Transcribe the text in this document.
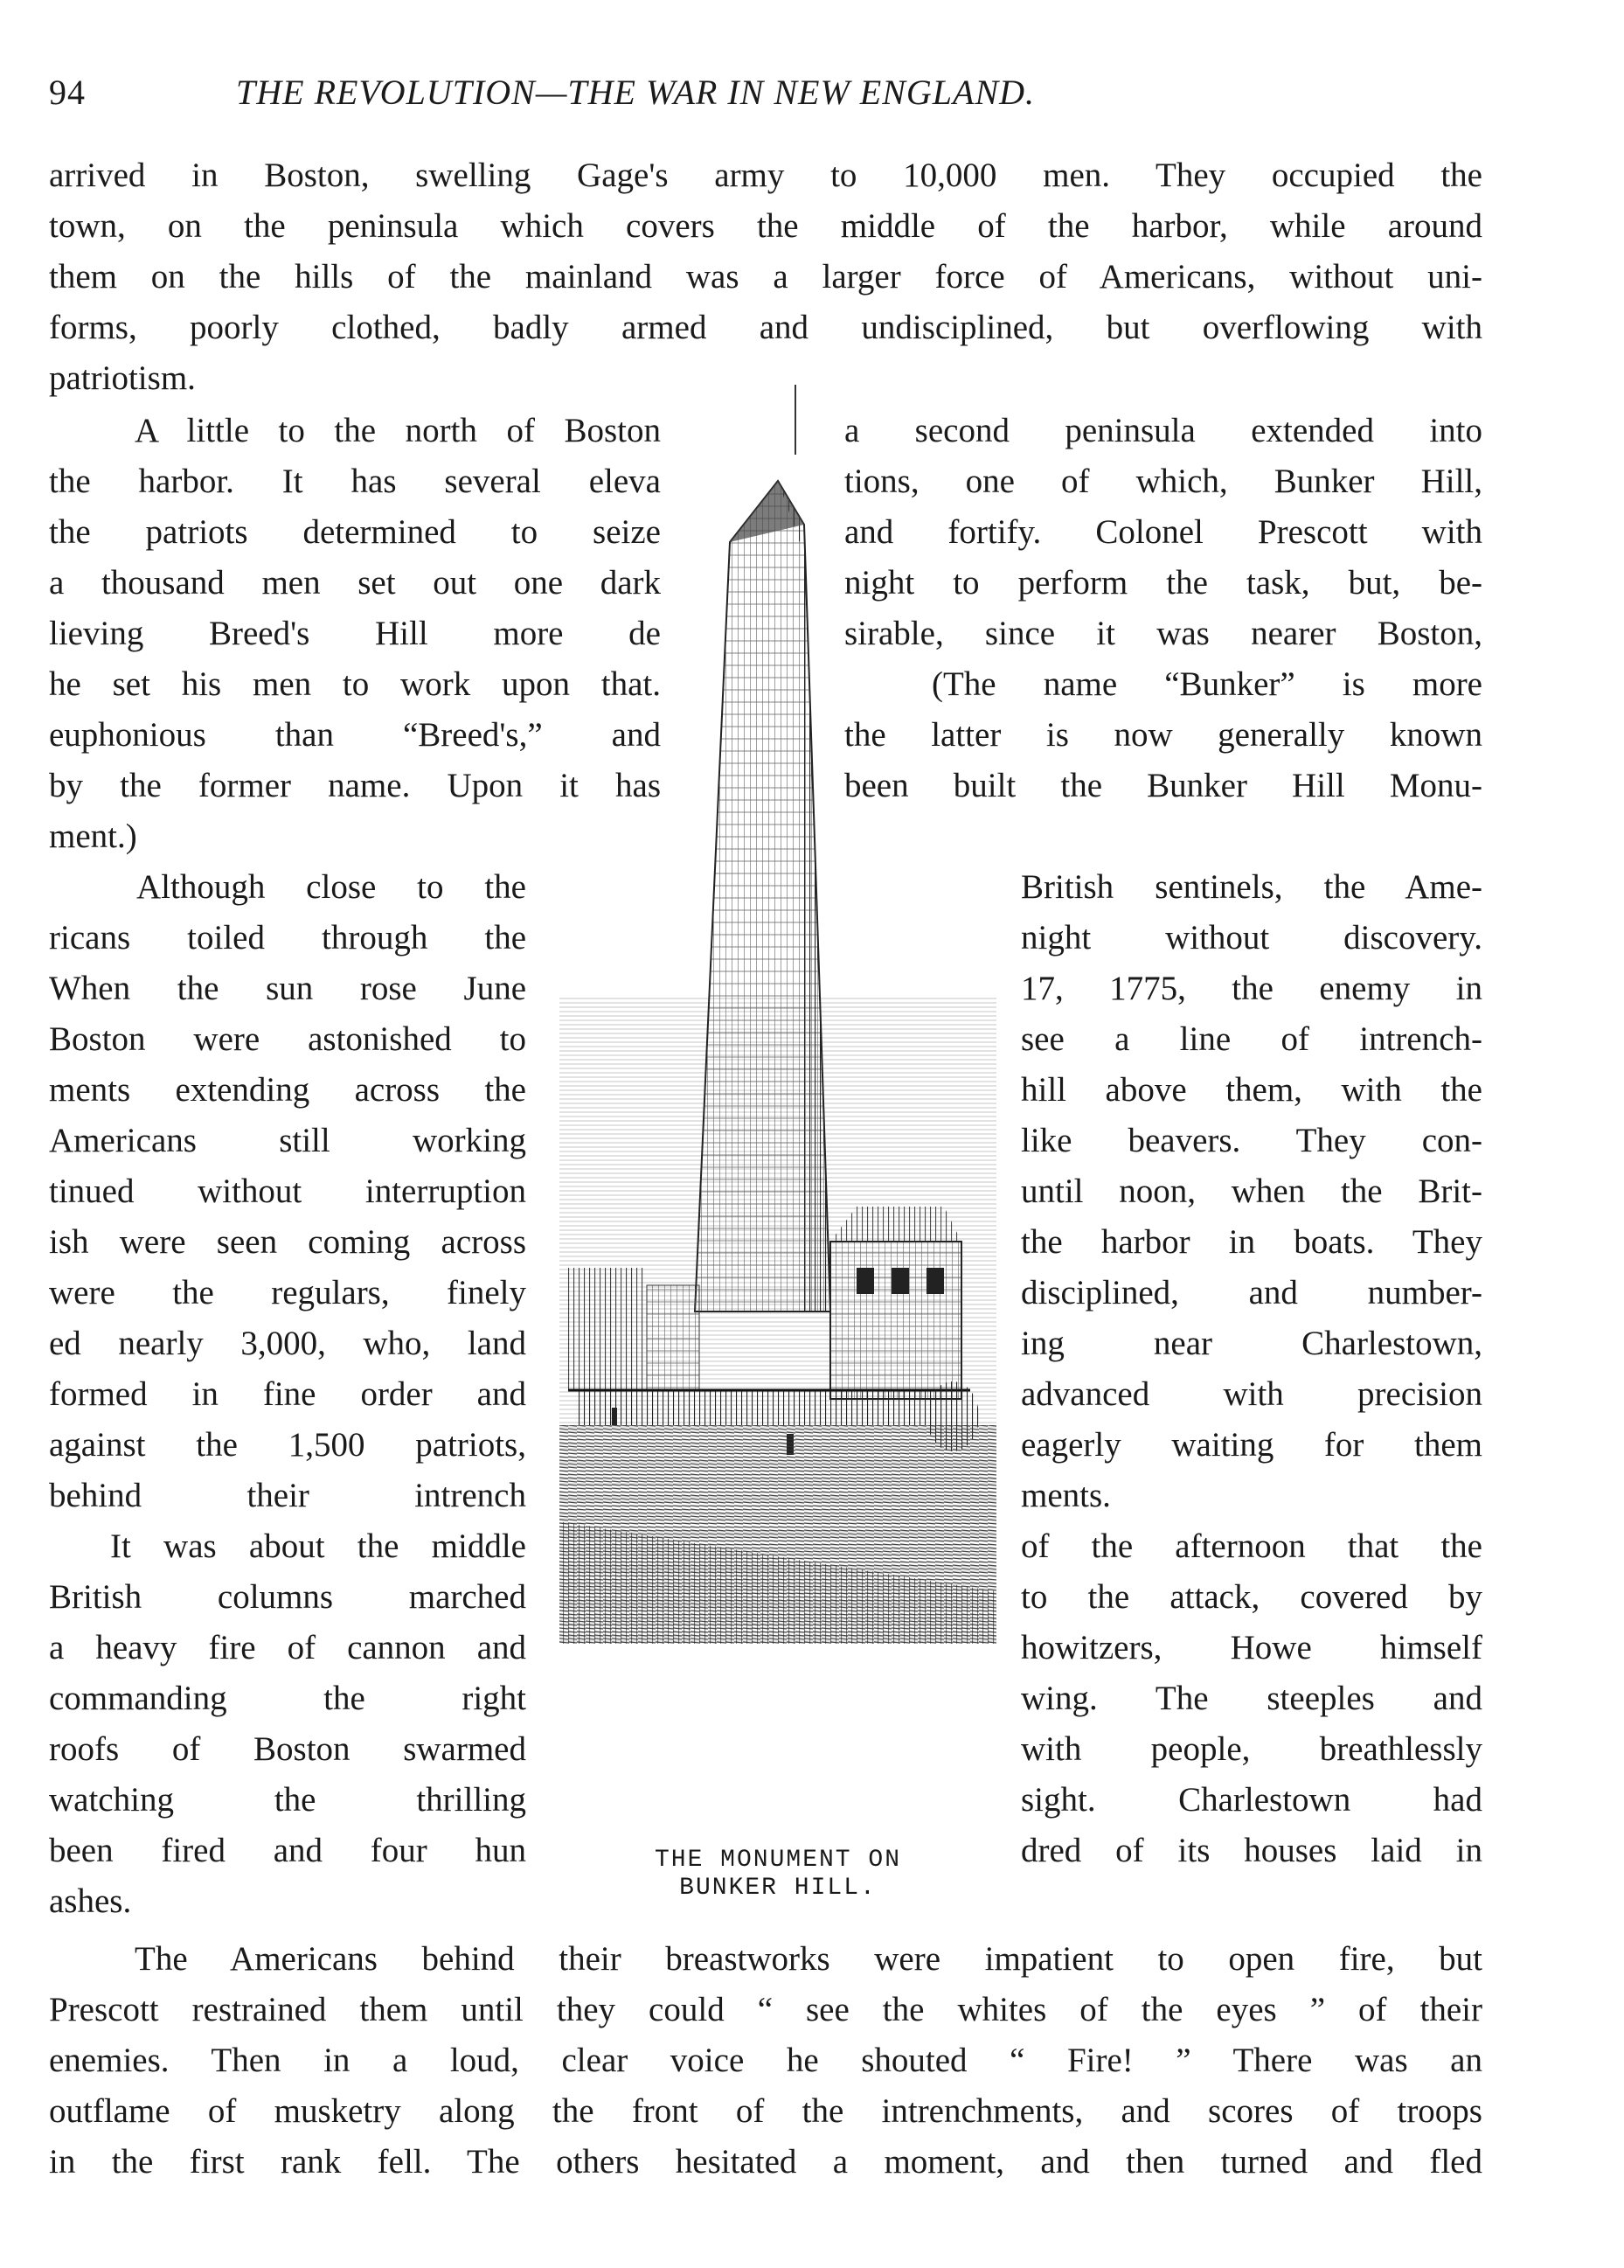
94	THE REVOLUTION—THE WAR IN NEW ENGLAND.
arrived in Boston, swelling Gage's army to 10,000 men. They occupied the
town, on the peninsula which covers the middle of the harbor, while around
them on the hills of the mainland was a larger force of Americans, without uni-
forms, poorly clothed, badly armed and undisciplined, but overflowing with
patriotism.
A little to the north of Boston
the harbor. It has several eleva
the patriots determined to seize
a thousand men set out one dark
lieving Breed's Hill more de
he set his men to work upon that.
euphonious than “Breed's,” and
by the former name. Upon it has
ment.)
a second peninsula extended into
tions, one of which, Bunker Hill,
and fortify. Colonel Prescott with
night to perform the task, but, be-
sirable, since it was nearer Boston,
(The name “Bunker” is more
the latter is now generally known
been built the Bunker Hill Monu-
Although close to the
ricans toiled through the
When the sun rose June
Boston were astonished to
ments extending across the
Americans still working
tinued without interruption
ish were seen coming across
were the regulars, finely
ed nearly 3,000, who, land
formed in fine order and
against the 1,500 patriots,
behind their intrench
It was about the middle
British columns marched
a heavy fire of cannon and
commanding the right
roofs of Boston swarmed
watching the thrilling
been fired and four hun
ashes.
British sentinels, the Ame-
night without discovery.
17, 1775, the enemy in
see a line of intrench-
hill above them, with the
like beavers. They con-
until noon, when the Brit-
the harbor in boats. They
disciplined, and number-
ing near Charlestown,
advanced with precision
eagerly waiting for them
ments.
of the afternoon that the
to the attack, covered by
howitzers, Howe himself
wing. The steeples and
with people, breathlessly
sight. Charlestown had
dred of its houses laid in
THE MONUMENT ON
BUNKER HILL.
The Americans behind their breastworks were impatient to open fire, but
Prescott restrained them until they could “ see the whites of the eyes ” of their
enemies. Then in a loud, clear voice he shouted “ Fire! ” There was an
outflame of musketry along the front of the intrenchments, and scores of troops
in the first rank fell. The others hesitated a moment, and then turned and fled
